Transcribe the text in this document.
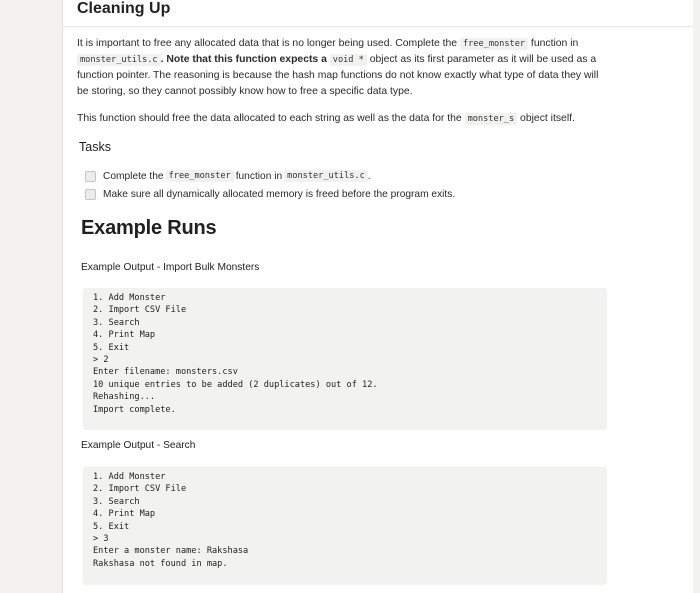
Cleaning Up
It is important to free any allocated data that is no longer being used. Complete the free_monster function in
monster_utils.c . Note that this function expects a void * object as its first parameter as it will be used as a
function pointer. The reasoning is because the hash map functions do not know exactly what type of data they will
be storing, so they cannot possibly know how to free a specific data type.
This function should free the data allocated to each string as well as the data for the monster_s object itself.
Tasks
Complete the free_monster function in monster_utils.c .
Make sure all dynamically allocated memory is freed before the program exits.
Example Runs
Example Output - Import Bulk Monsters
1. Add Monster
2. Import CSV File
3. Search
4. Print Map
5. Exit
> 2
Enter filename: monsters.csv
10 unique entries to be added (2 duplicates) out of 12.
Rehashing...
Import complete.
Example Output - Search
1. Add Monster
2. Import CSV File
3. Search
4. Print Map
5. Exit
> 3
Enter a monster name: Rakshasa
Rakshasa not found in map.
